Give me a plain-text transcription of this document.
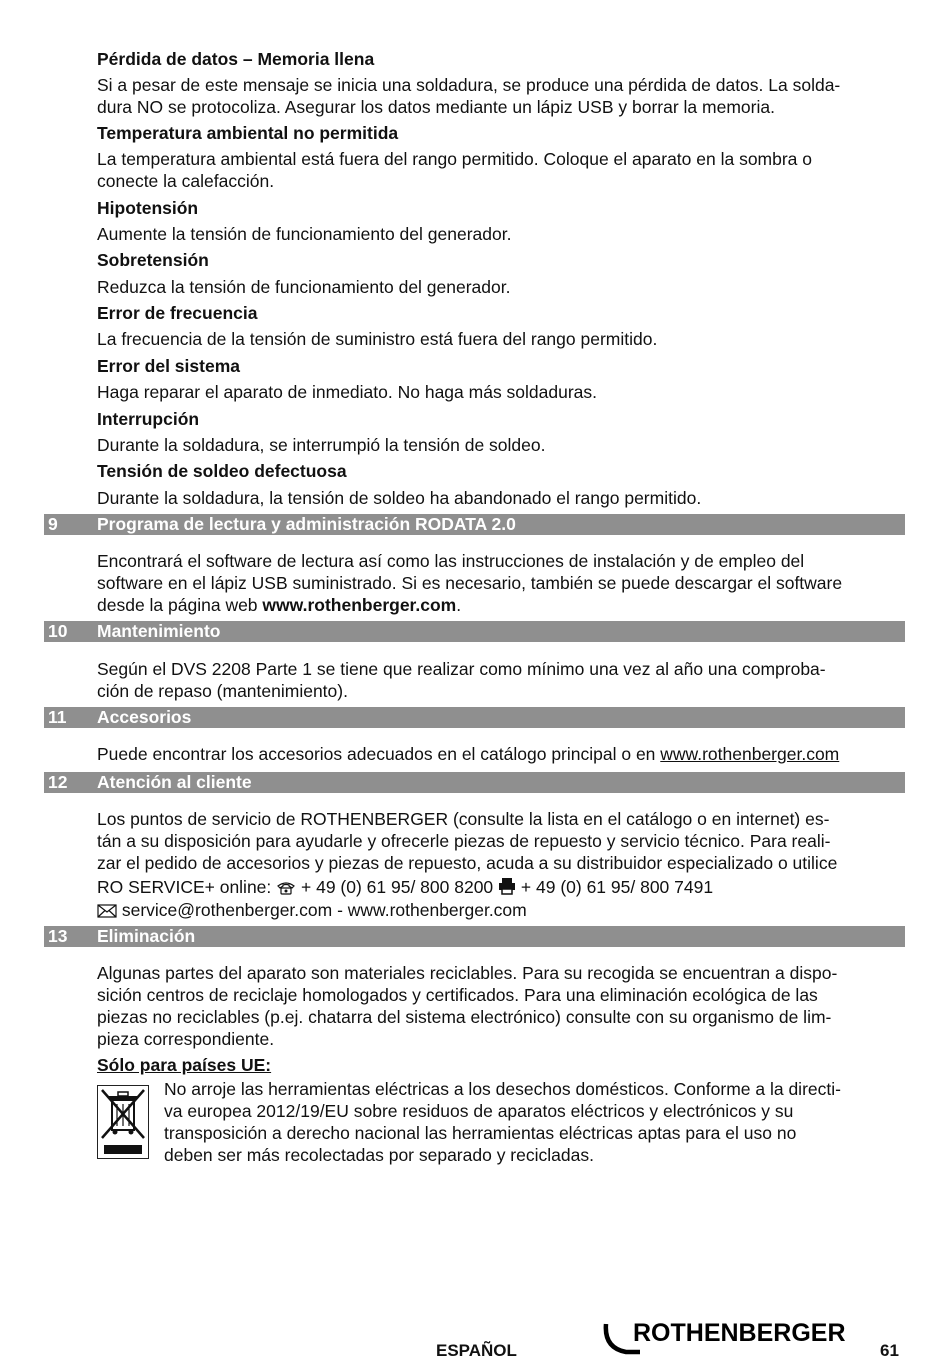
Pérdida de datos – Memoria llena
Si a pesar de este mensaje se inicia una soldadura, se produce una pérdida de datos. La solda-
dura NO se protocoliza. Asegurar los datos mediante un lápiz USB y borrar la memoria.
Temperatura ambiental no permitida
La temperatura ambiental está fuera del rango permitido. Coloque el aparato en la sombra o
conecte la calefacción.
Hipotensión
Aumente la tensión de funcionamiento del generador.
Sobretensión
Reduzca la tensión de funcionamiento del generador.
Error de frecuencia
La frecuencia de la tensión de suministro está fuera del rango permitido.
Error del sistema
Haga reparar el aparato de inmediato. No haga más soldaduras.
Interrupción
Durante la soldadura, se interrumpió la tensión de soldeo.
Tensión de soldeo defectuosa
Durante la soldadura, la tensión de soldeo ha abandonado el rango permitido.
9 Programa de lectura y administración RODATA 2.0
Encontrará el software de lectura así como las instrucciones de instalación y de empleo del
software en el lápiz USB suministrado. Si es necesario, también se puede descargar el software
desde la página web www.rothenberger.com.
10 Mantenimiento
Según el DVS 2208 Parte 1 se tiene que realizar como mínimo una vez al año una comproba-
ción de repaso (mantenimiento).
11 Accesorios
Puede encontrar los accesorios adecuados en el catálogo principal o en www.rothenberger.com
12 Atención al cliente
Los puntos de servicio de ROTHENBERGER (consulte la lista en el catálogo o en internet) es-
tán a su disposición para ayudarle y ofrecerle piezas de repuesto y servicio técnico. Para reali-
zar el pedido de accesorios y piezas de repuesto, acuda a su distribuidor especializado o utilice
RO SERVICE+ online:  + 49 (0) 61 95/ 800 8200  + 49 (0) 61 95/ 800 7491
service@rothenberger.com - www.rothenberger.com
13 Eliminación
Algunas partes del aparato son materiales reciclables. Para su recogida se encuentran a dispo-
sición centros de reciclaje homologados y certificados. Para una eliminación ecológica de las
piezas no reciclables (p.ej. chatarra del sistema electrónico) consulte con su organismo de lim-
pieza correspondiente.
Sólo para países UE:
No arroje las herramientas eléctricas a los desechos domésticos. Conforme a la directi-
va europea 2012/19/EU sobre residuos de aparatos eléctricos y electrónicos y su
transposición a derecho nacional las herramientas eléctricas aptas para el uso no
deben ser más recolectadas por separado y recicladas.
ESPAÑOL
ROTHENBERGER
61
